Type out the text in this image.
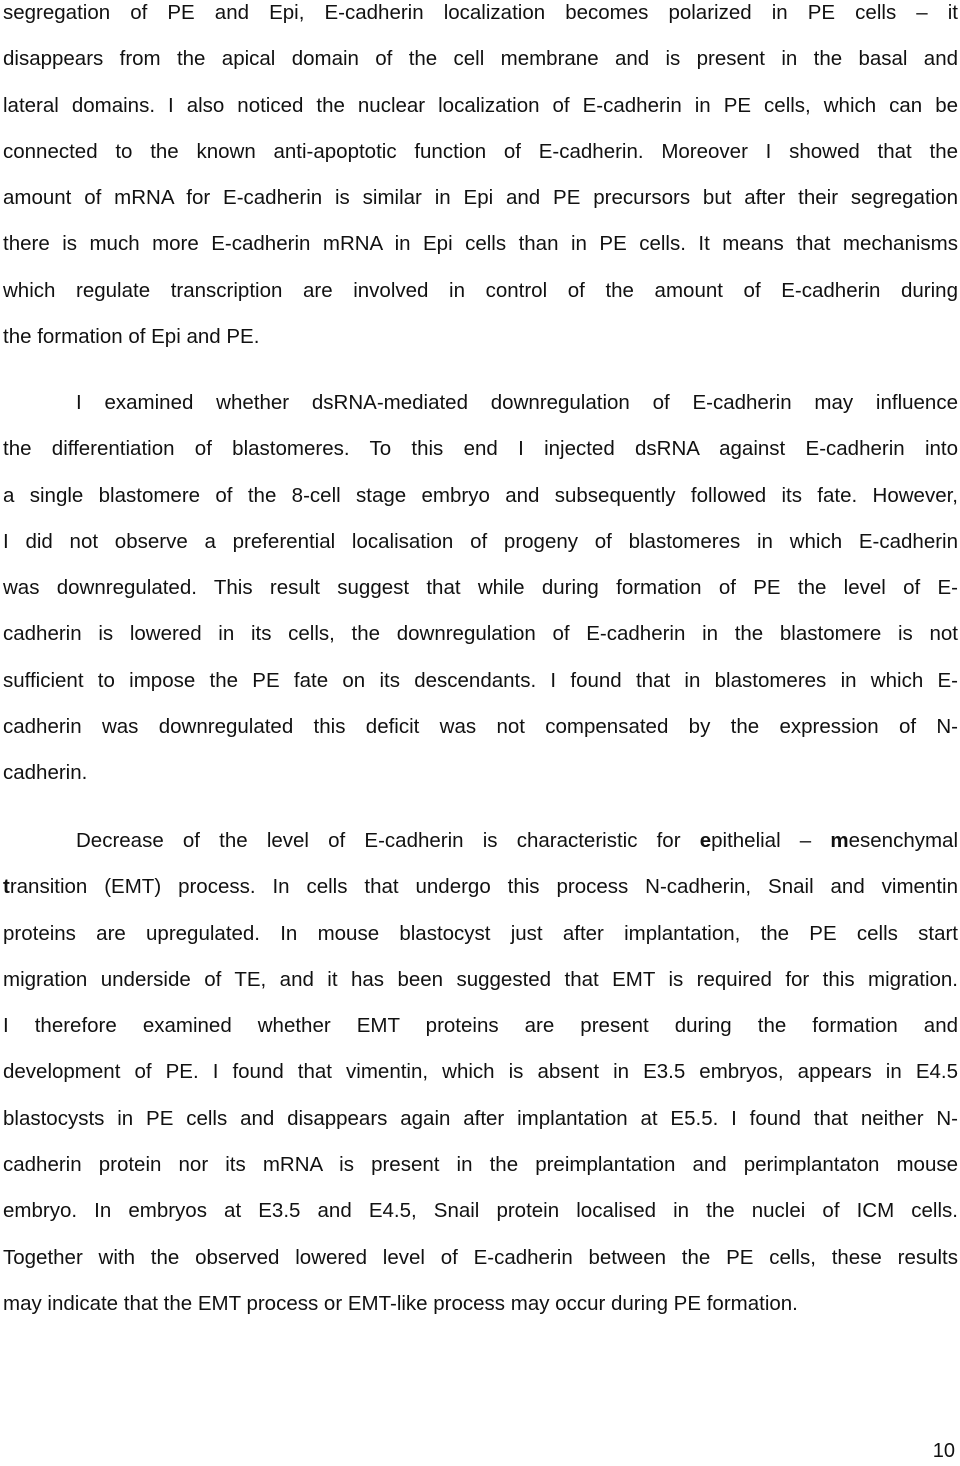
segregation of PE and Epi, E-cadherin localization becomes polarized in PE cells – it
disappears from the apical domain of the cell membrane and is present in the basal and
lateral domains. I also noticed the nuclear localization of E-cadherin in PE cells, which can be
connected to the known anti-apoptotic function of E-cadherin. Moreover I showed that the
amount of mRNA for E-cadherin is similar in Epi and PE precursors but after their segregation
there is much more E-cadherin mRNA in Epi cells than in PE cells. It means that mechanisms
which regulate transcription are involved in control of the amount of E-cadherin during
the formation of Epi and PE.

I examined whether dsRNA-mediated downregulation of E-cadherin may influence
the differentiation of blastomeres. To this end I injected dsRNA against E-cadherin into
a single blastomere of the 8-cell stage embryo and subsequently followed its fate. However,
I did not observe a preferential localisation of progeny of blastomeres in which E-cadherin
was downregulated. This result suggest that while during formation of PE the level of E-
cadherin is lowered in its cells, the downregulation of E-cadherin in the blastomere is not
sufficient to impose the PE fate on its descendants. I found that in blastomeres in which E-
cadherin was downregulated this deficit was not compensated by the expression of N-
cadherin.

Decrease of the level of E-cadherin is characteristic for epithelial – mesenchymal
transition (EMT) process. In cells that undergo this process N-cadherin, Snail and vimentin
proteins are upregulated. In mouse blastocyst just after implantation, the PE cells start
migration underside of TE, and it has been suggested that EMT is required for this migration.
I therefore examined whether EMT proteins are present during the formation and
development of PE. I found that vimentin, which is absent in E3.5 embryos, appears in E4.5
blastocysts in PE cells and disappears again after implantation at E5.5. I found that neither N-
cadherin protein nor its mRNA is present in the preimplantation and perimplantaton mouse
embryo. In embryos at E3.5 and E4.5, Snail protein localised in the nuclei of ICM cells.
Together with the observed lowered level of E-cadherin between the PE cells, these results
may indicate that the EMT process or EMT-like process may occur during PE formation.

10
